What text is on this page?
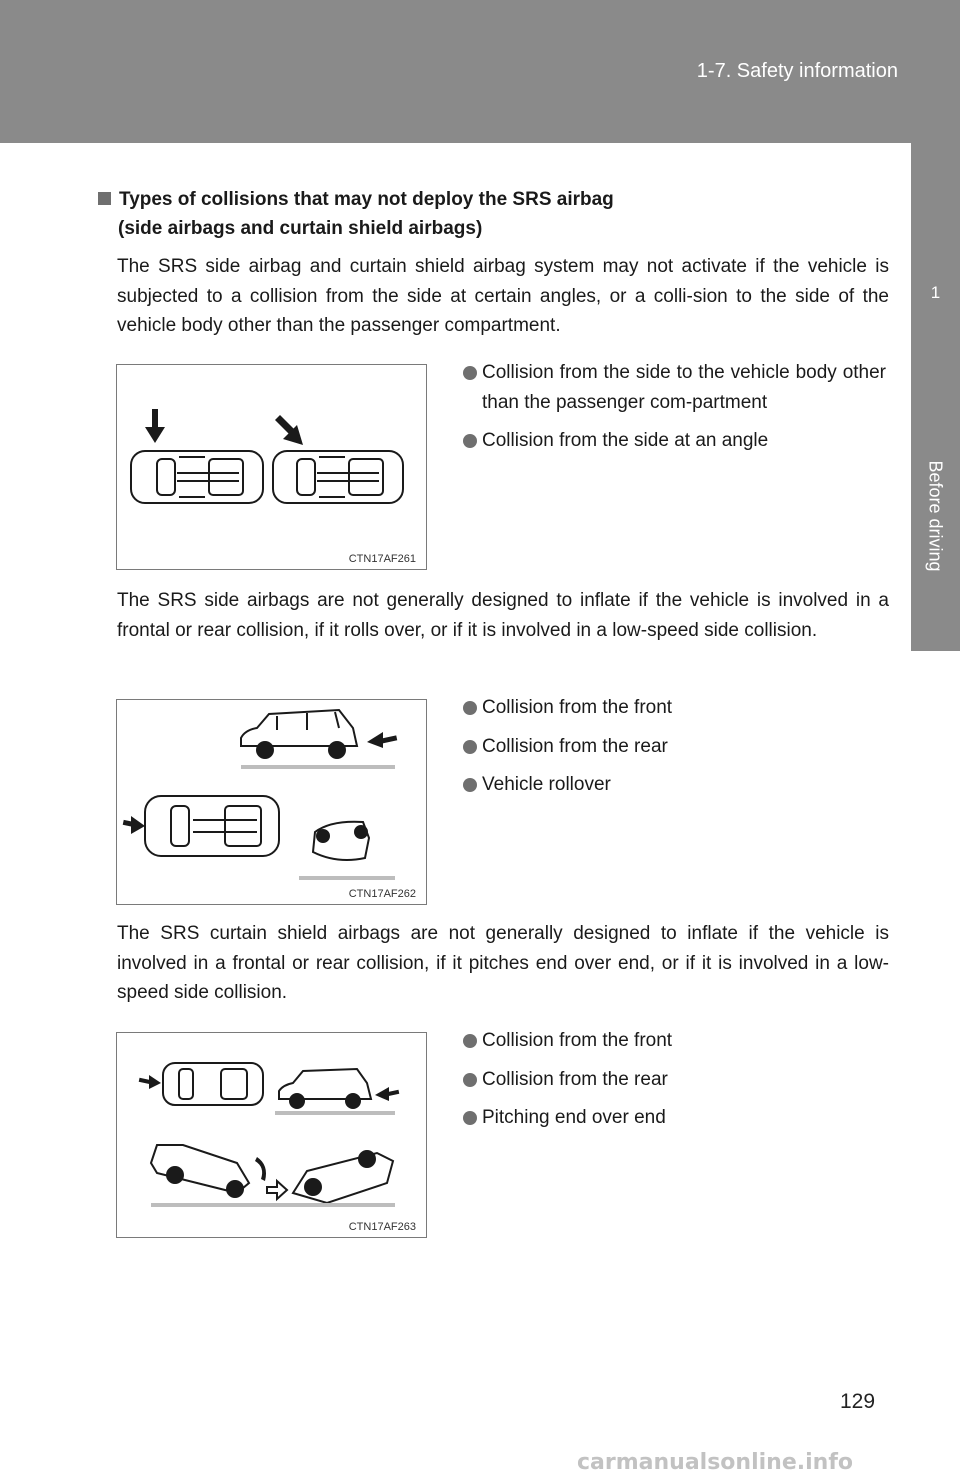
1-7. Safety information
1
Before driving
Types of collisions that may not deploy the SRS airbag
(side airbags and curtain shield airbags)

The SRS side airbag and curtain shield airbag system may not activate if the vehicle is subjected to a collision from the side at certain angles, or a colli-sion to the side of the vehicle body other than the passenger compartment.

CTN17AF261
Collision from the side to the vehicle body other than the passenger com-partment
Collision from the side at an angle

The SRS side airbags are not generally designed to inflate if the vehicle is involved in a frontal or rear collision, if it rolls over, or if it is involved in a low-speed side collision.

CTN17AF262
Collision from the front
Collision from the rear
Vehicle rollover

The SRS curtain shield airbags are not generally designed to inflate if the vehicle is involved in a frontal or rear collision, if it pitches end over end, or if it is involved in a low-speed side collision.

CTN17AF263
Collision from the front
Collision from the rear
Pitching end over end
129
carmanualsonline.info
